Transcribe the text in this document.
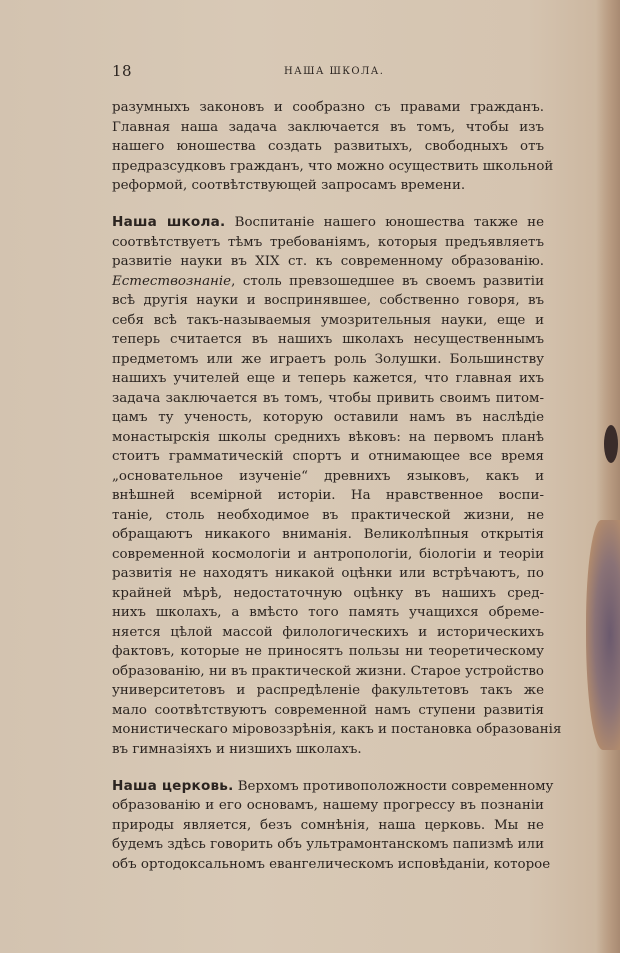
18	НАША ШКОЛА.
разумныхъ законовъ и сообразно съ правами гражданъ.
Главная наша задача заключается въ томъ, чтобы изъ
нашего юношества создать развитыхъ, свободныхъ отъ
предразсудковъ гражданъ, что можно осуществить школьной
реформой, соотвѣтствующей запросамъ времени.
Наша школа. Воспитаніе нашего юношества также не
соотвѣтствуетъ тѣмъ требованіямъ, которыя предъявляетъ
развитіе науки въ XIX ст. къ современному образованію.
Естествознаніе, столь превзошедшее въ своемъ развитіи
всѣ другія науки и воспринявшее, собственно говоря, въ
себя всѣ такъ-называемыя умозрительныя науки, еще и
теперь считается въ нашихъ школахъ несущественнымъ
предметомъ или же играетъ роль Золушки. Большинству
нашихъ учителей еще и теперь кажется, что главная ихъ
задача заключается въ томъ, чтобы привить своимъ питом-
цамъ ту ученость, которую оставили намъ въ наслѣдіе
монастырскія школы среднихъ вѣковъ: на первомъ планѣ
стоитъ грамматическій спортъ и отнимающее все время
„основательное изученіе“ древнихъ языковъ, какъ и
внѣшней всемірной исторіи. На нравственное воспи-
таніе, столь необходимое въ практической жизни, не
обращаютъ никакого вниманія. Великолѣпныя открытія
современной космологіи и антропологіи, біологіи и теоріи
развитія не находятъ никакой оцѣнки или встрѣчаютъ, по
крайней мѣрѣ, недостаточную оцѣнку въ нашихъ сред-
нихъ школахъ, а вмѣсто того память учащихся обреме-
няется цѣлой массой филологическихъ и историческихъ
фактовъ, которые не приносятъ пользы ни теоретическому
образованію, ни въ практической жизни. Старое устройство
университетовъ и распредѣленіе факультетовъ такъ же
мало соотвѣтствуютъ современной намъ ступени развитія
монистическаго міровоззрѣнія, какъ и постановка образованія
въ гимназіяхъ и низшихъ школахъ.
Наша церковь. Верхомъ противоположности современному
образованію и его основамъ, нашему прогрессу въ познаніи
природы является, безъ сомнѣнія, наша церковь. Мы не
будемъ здѣсь говорить объ ультрамонтанскомъ папизмѣ или
объ ортодоксальномъ евангелическомъ исповѣданіи, которое
